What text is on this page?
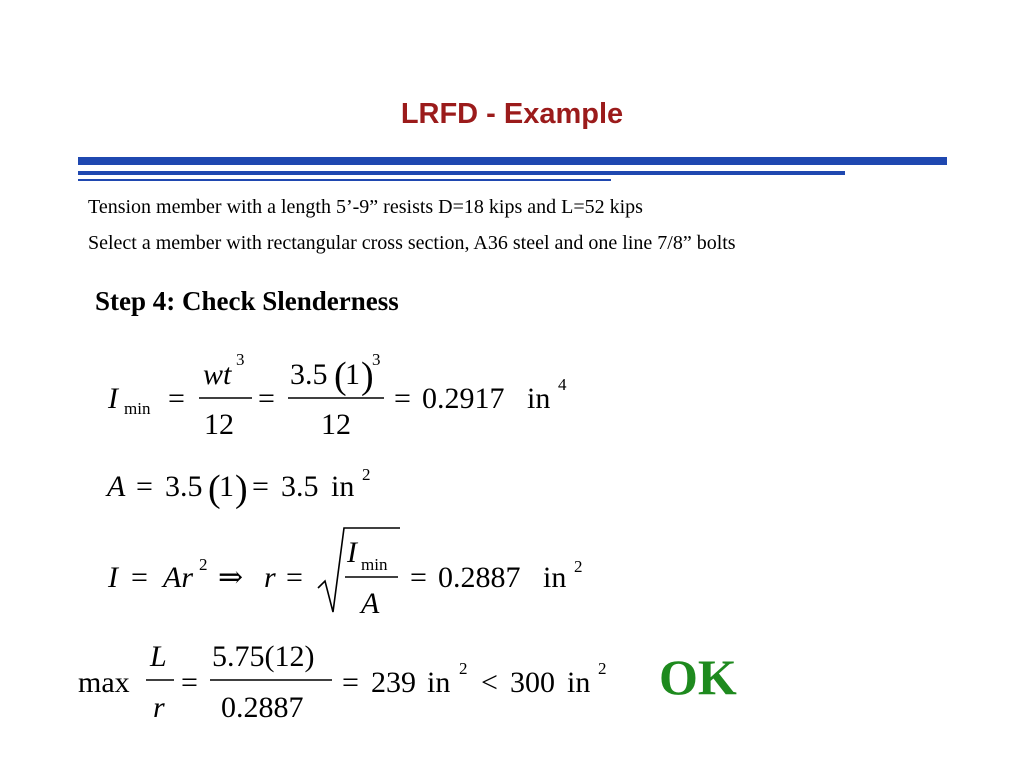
LRFD - Example
Tension member with a length 5’-9” resists D=18 kips and L=52 kips
Select a member with rectangular cross section, A36 steel and one line 7/8” bolts
Step 4: Check Slenderness
I min =
wt 3
12
=
3.5 (
1 )
3
12
= 0.2917 in 4
A = 3.5 (
1 ) = 3.5 in 2
I = Ar 2 ⇒ r =
I min
A
= 0.2887 in 2
max
L
r
=
5.75(12)
0.2887
= 239 in 2 < 300 in 2 OK
